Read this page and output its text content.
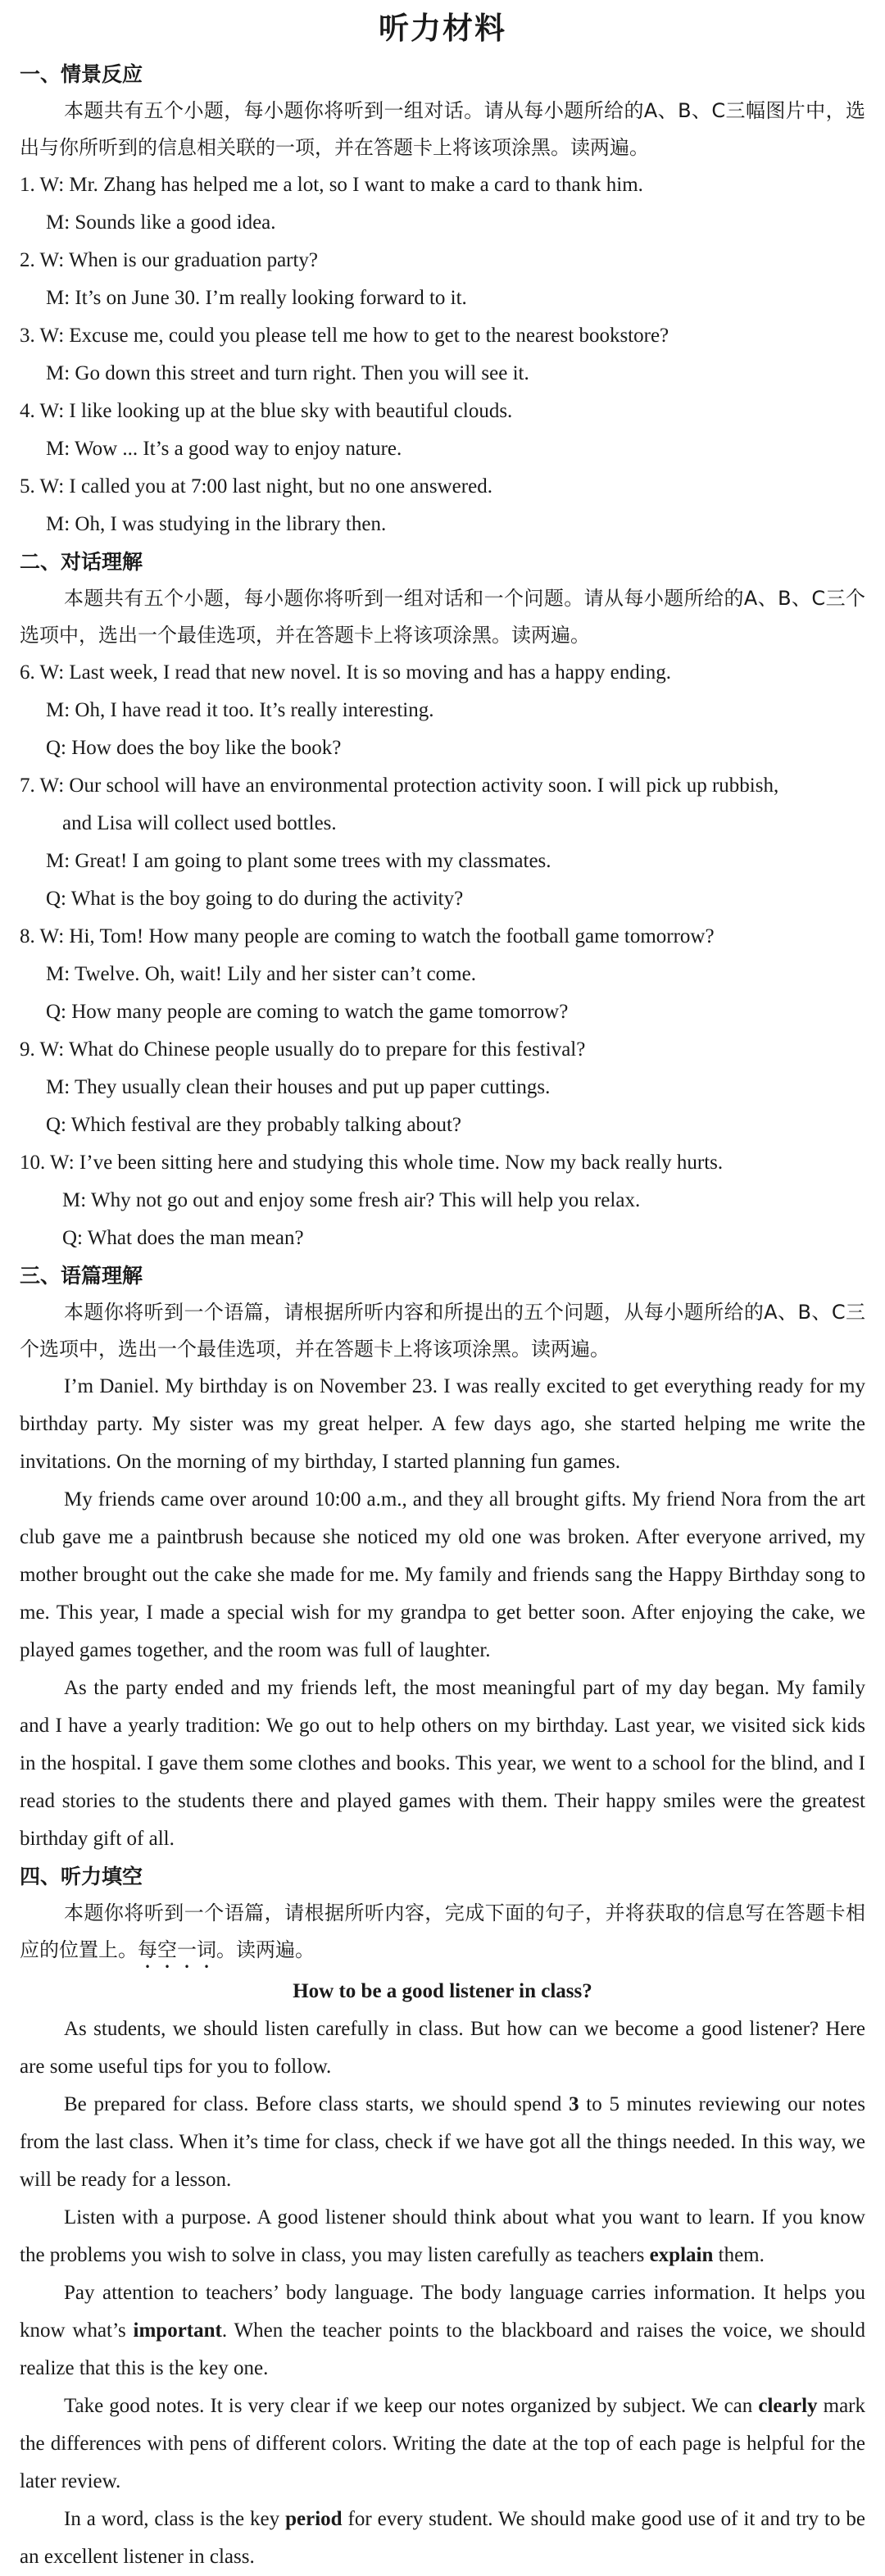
听力材料

一、情景反应

本题共有五个小题，每小题你将听到一组对话。请从每小题所给的A、B、C三幅图片中，选出与你所听到的信息相关联的一项，并在答题卡上将该项涂黑。读两遍。

1. W: Mr. Zhang has helped me a lot, so I want to make a card to thank him.

M: Sounds like a good idea.

2. W: When is our graduation party?

M: It’s on June 30. I’m really looking forward to it.

3. W: Excuse me, could you please tell me how to get to the nearest bookstore?

M: Go down this street and turn right. Then you will see it.

4. W: I like looking up at the blue sky with beautiful clouds.

M: Wow ... It’s a good way to enjoy nature.

5. W: I called you at 7:00 last night, but no one answered.

M: Oh, I was studying in the library then.

二、对话理解

本题共有五个小题，每小题你将听到一组对话和一个问题。请从每小题所给的A、B、C三个选项中，选出一个最佳选项，并在答题卡上将该项涂黑。读两遍。

6. W: Last week, I read that new novel. It is so moving and has a happy ending.

M: Oh, I have read it too. It’s really interesting.

Q: How does the boy like the book?

7. W: Our school will have an environmental protection activity soon. I will pick up rubbish,

and Lisa will collect used bottles.

M: Great! I am going to plant some trees with my classmates.

Q: What is the boy going to do during the activity?

8. W: Hi, Tom! How many people are coming to watch the football game tomorrow?

M: Twelve. Oh, wait! Lily and her sister can’t come.

Q: How many people are coming to watch the game tomorrow?

9. W: What do Chinese people usually do to prepare for this festival?

M: They usually clean their houses and put up paper cuttings.

Q: Which festival are they probably talking about?

10. W: I’ve been sitting here and studying this whole time. Now my back really hurts.

M: Why not go out and enjoy some fresh air? This will help you relax.

Q: What does the man mean?

三、语篇理解

本题你将听到一个语篇，请根据所听内容和所提出的五个问题，从每小题所给的A、B、C三个选项中，选出一个最佳选项，并在答题卡上将该项涂黑。读两遍。

I’m Daniel. My birthday is on November 23. I was really excited to get everything ready for my birthday party. My sister was my great helper. A few days ago, she started helping me write the invitations. On the morning of my birthday, I started planning fun games.

My friends came over around 10:00 a.m., and they all brought gifts. My friend Nora from the art club gave me a paintbrush because she noticed my old one was broken. After everyone arrived, my mother brought out the cake she made for me. My family and friends sang the Happy Birthday song to me. This year, I made a special wish for my grandpa to get better soon. After enjoying the cake, we played games together, and the room was full of laughter.

As the party ended and my friends left, the most meaningful part of my day began. My family and I have a yearly tradition: We go out to help others on my birthday. Last year, we visited sick kids in the hospital. I gave them some clothes and books. This year, we went to a school for the blind, and I read stories to the students there and played games with them. Their happy smiles were the greatest birthday gift of all.

四、听力填空

本题你将听到一个语篇，请根据所听内容，完成下面的句子，并将获取的信息写在答题卡相应的位置上。每空一词。读两遍。

How to be a good listener in class?

As students, we should listen carefully in class. But how can we become a good listener? Here are some useful tips for you to follow.

Be prepared for class. Before class starts, we should spend 3 to 5 minutes reviewing our notes from the last class. When it’s time for class, check if we have got all the things needed. In this way, we will be ready for a lesson.

Listen with a purpose. A good listener should think about what you want to learn. If you know the problems you wish to solve in class, you may listen carefully as teachers explain them.

Pay attention to teachers’ body language. The body language carries information. It helps you know what’s important. When the teacher points to the blackboard and raises the voice, we should realize that this is the key one.

Take good notes. It is very clear if we keep our notes organized by subject. We can clearly mark the differences with pens of different colors. Writing the date at the top of each page is helpful for the later review.

In a word, class is the key period for every student. We should make good use of it and try to be an excellent listener in class.
